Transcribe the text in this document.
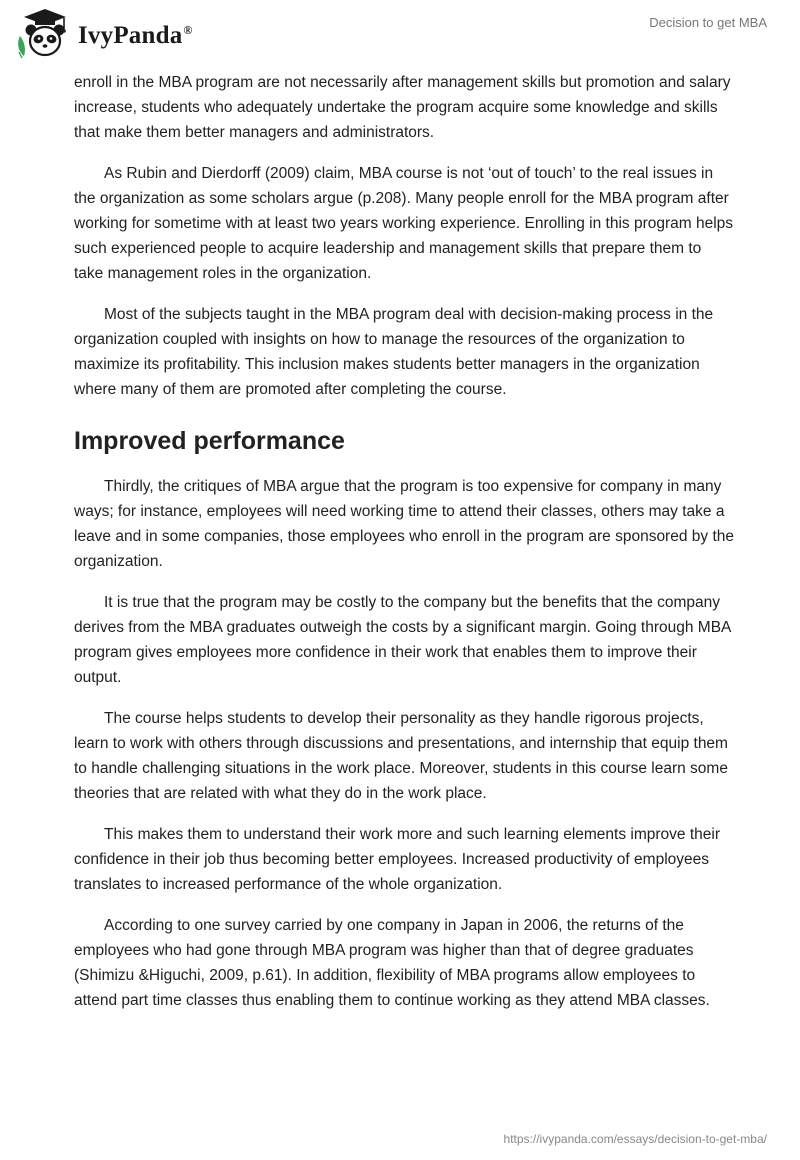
IvyPanda®	Decision to get MBA

enroll in the MBA program are not necessarily after management skills but promotion and salary increase, students who adequately undertake the program acquire some knowledge and skills that make them better managers and administrators.

As Rubin and Dierdorff (2009) claim, MBA course is not ‘out of touch’ to the real issues in the organization as some scholars argue (p.208). Many people enroll for the MBA program after working for sometime with at least two years working experience. Enrolling in this program helps such experienced people to acquire leadership and management skills that prepare them to take management roles in the organization.

Most of the subjects taught in the MBA program deal with decision-making process in the organization coupled with insights on how to manage the resources of the organization to maximize its profitability. This inclusion makes students better managers in the organization where many of them are promoted after completing the course.

Improved performance

Thirdly, the critiques of MBA argue that the program is too expensive for company in many ways; for instance, employees will need working time to attend their classes, others may take a leave and in some companies, those employees who enroll in the program are sponsored by the organization.

It is true that the program may be costly to the company but the benefits that the company derives from the MBA graduates outweigh the costs by a significant margin. Going through MBA program gives employees more confidence in their work that enables them to improve their output.

The course helps students to develop their personality as they handle rigorous projects, learn to work with others through discussions and presentations, and internship that equip them to handle challenging situations in the work place. Moreover, students in this course learn some theories that are related with what they do in the work place.

This makes them to understand their work more and such learning elements improve their confidence in their job thus becoming better employees. Increased productivity of employees translates to increased performance of the whole organization.

According to one survey carried by one company in Japan in 2006, the returns of the employees who had gone through MBA program was higher than that of degree graduates (Shimizu &Higuchi, 2009, p.61). In addition, flexibility of MBA programs allow employees to attend part time classes thus enabling them to continue working as they attend MBA classes.

https://ivypanda.com/essays/decision-to-get-mba/
